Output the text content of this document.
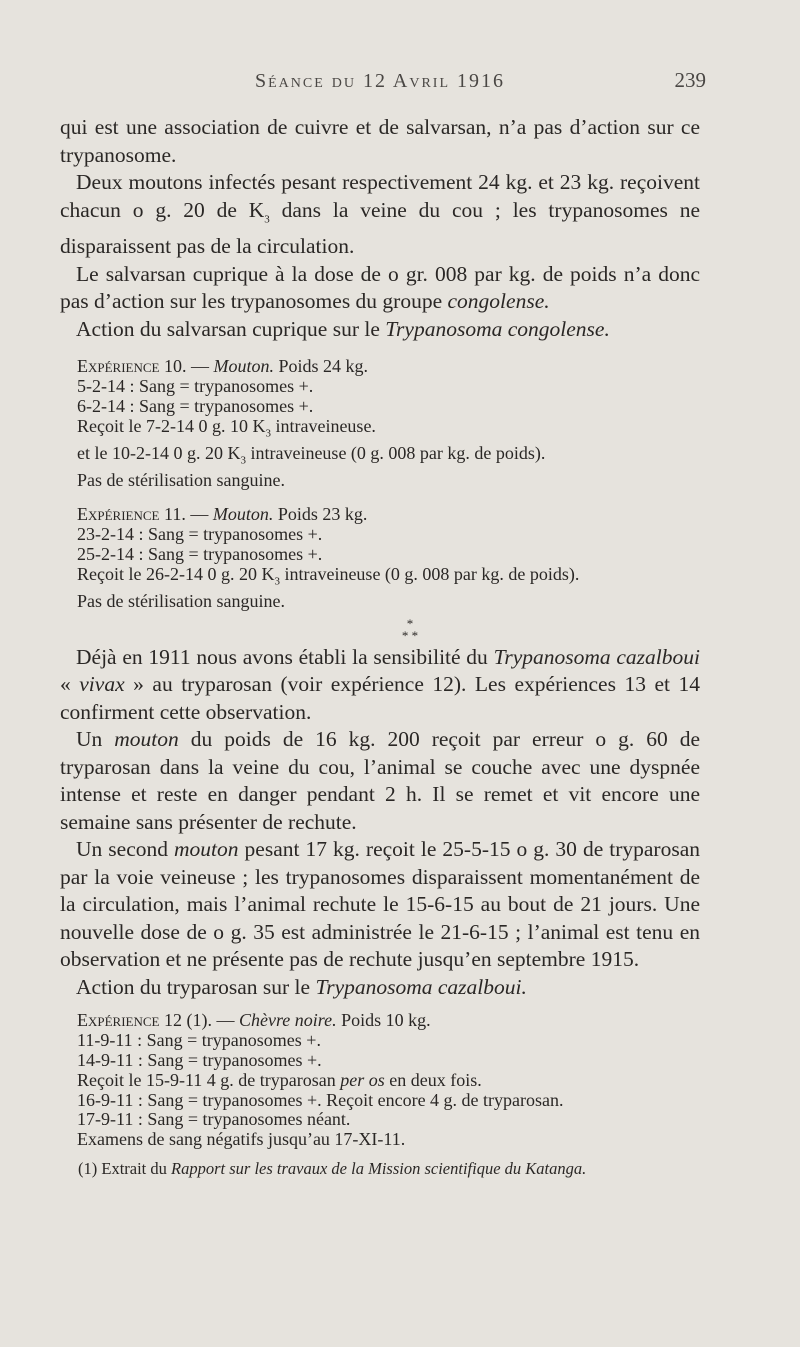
Séance du 12 Avril 1916	239

qui est une association de cuivre et de salvarsan, n’a pas d’action sur ce trypanosome.

Deux moutons infectés pesant respectivement 24 kg. et 23 kg. reçoivent chacun o g. 20 de $K_3$ dans la veine du cou ; les trypanosomes ne disparaissent pas de la circulation.

Le salvarsan cuprique à la dose de o gr. 008 par kg. de poids n’a donc pas d’action sur les trypanosomes du groupe congolense.

Action du salvarsan cuprique sur le Trypanosoma congolense.

Expérience 10. — Mouton. Poids 24 kg.

5-2-14 : Sang = trypanosomes +.

6-2-14 : Sang = trypanosomes +.

Reçoit le 7-2-14 0 g. 10 $K_3$ intraveineuse.

et le 10-2-14 0 g. 20 $K_3$ intraveineuse (0 g. 008 par kg. de poids).

Pas de stérilisation sanguine.

Expérience 11. — Mouton. Poids 23 kg.

23-2-14 : Sang = trypanosomes +.

25-2-14 : Sang = trypanosomes +.

Reçoit le 26-2-14 0 g. 20 $K_3$ intraveineuse (0 g. 008 par kg. de poids).

Pas de stérilisation sanguine.

*
* *

Déjà en 1911 nous avons établi la sensibilité du Trypanosoma cazalboui « vivax » au tryparosan (voir expérience 12). Les expériences 13 et 14 confirment cette observation.

Un mouton du poids de 16 kg. 200 reçoit par erreur o g. 60 de tryparosan dans la veine du cou, l’animal se couche avec une dyspnée intense et reste en danger pendant 2 h. Il se remet et vit encore une semaine sans présenter de rechute.

Un second mouton pesant 17 kg. reçoit le 25-5-15 o g. 30 de tryparosan par la voie veineuse ; les trypanosomes disparaissent momentanément de la circulation, mais l’animal rechute le 15-6-15 au bout de 21 jours. Une nouvelle dose de o g. 35 est administrée le 21-6-15 ; l’animal est tenu en observation et ne présente pas de rechute jusqu’en septembre 1915.

Action du tryparosan sur le Trypanosoma cazalboui.

Expérience 12 (1). — Chèvre noire. Poids 10 kg.

11-9-11 : Sang = trypanosomes +.

14-9-11 : Sang = trypanosomes +.

Reçoit le 15-9-11 4 g. de tryparosan per os en deux fois.

16-9-11 : Sang = trypanosomes +. Reçoit encore 4 g. de tryparosan.

17-9-11 : Sang = trypanosomes néant.

Examens de sang négatifs jusqu’au 17-XI-11.

(1) Extrait du Rapport sur les travaux de la Mission scientifique du Katanga.
